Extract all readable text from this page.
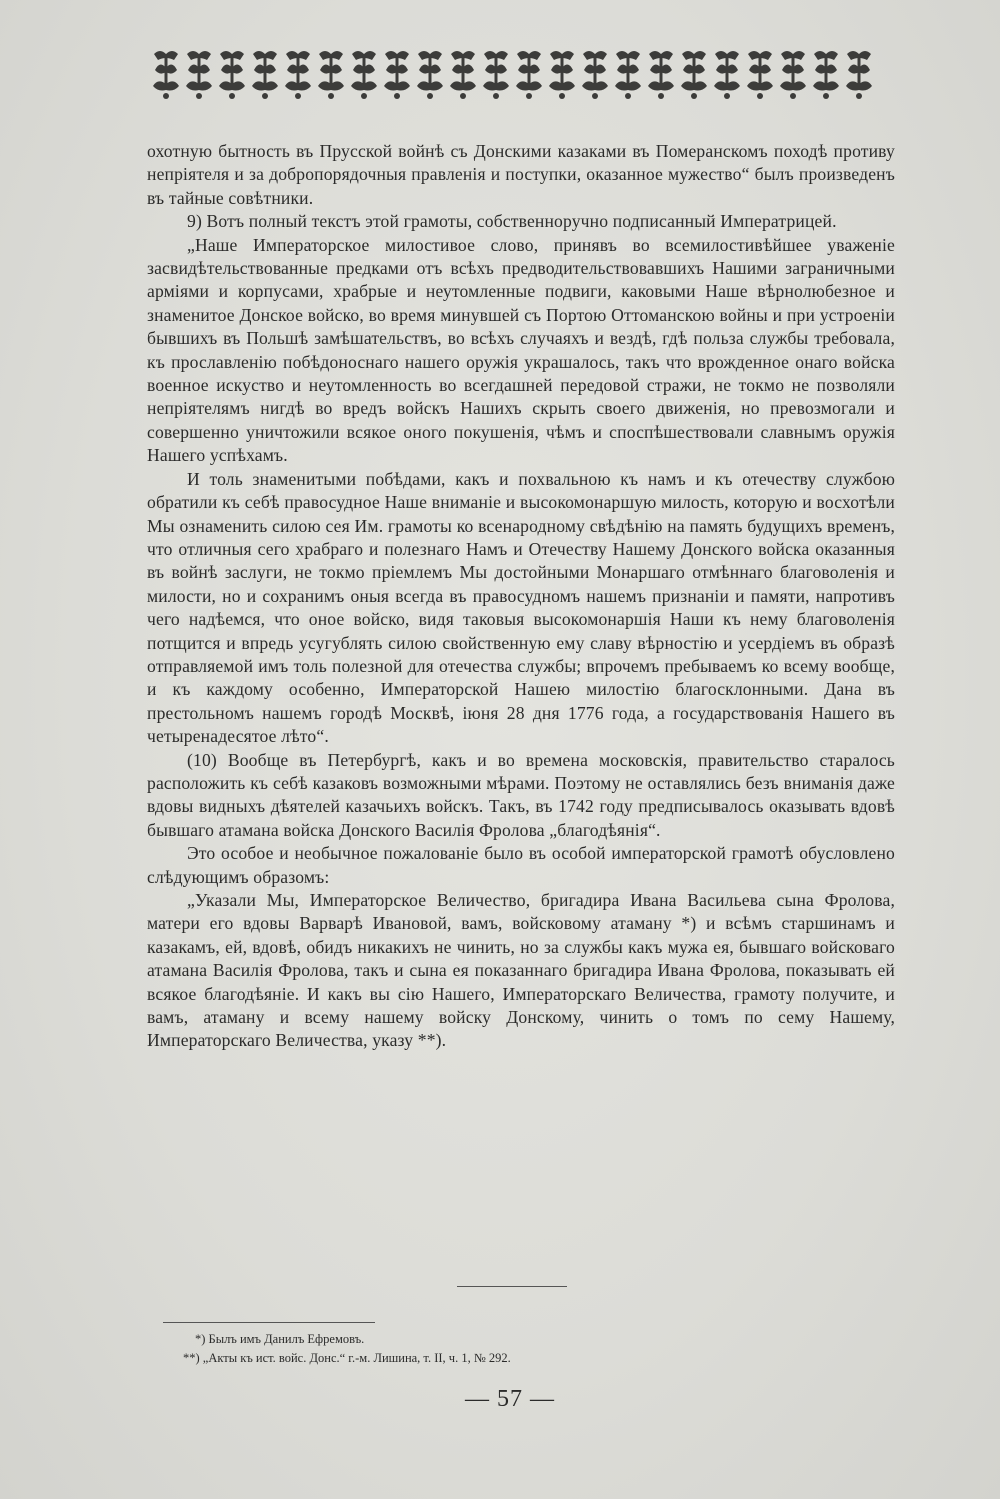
охотную бытность въ Прусской войнѣ съ Донскими казаками въ Померанскомъ походѣ противу непріятеля и за добропорядочныя правленія и поступки, оказанное мужество“ былъ произведенъ въ тайные совѣтники.

9) Вотъ полный текстъ этой грамоты, собственноручно подписанный Императрицей.

„Наше Императорское милостивое слово, принявъ во всемилостивѣйшее уваженіе засвидѣтельствованные предками отъ всѣхъ предводительствовавшихъ Нашими заграничными арміями и корпусами, храбрые и неутомленные подвиги, каковыми Наше вѣрнолюбезное и знаменитое Донское войско, во время минувшей съ Портою Оттоманскою войны и при устроеніи бывшихъ въ Польшѣ замѣшательствъ, во всѣхъ случаяхъ и вездѣ, гдѣ польза службы требовала, къ прославленію побѣдоноснаго нашего оружія украшалось, такъ что врожденное онаго войска военное искуство и неутомленность во всегдашней передовой стражи, не токмо не позволяли непріятелямъ нигдѣ во вредъ войскъ Нашихъ скрыть своего движенія, но превозмогали и совершенно уничтожили всякое оного покушенія, чѣмъ и споспѣшествовали славнымъ оружія Нашего успѣхамъ.

И толь знаменитыми побѣдами, какъ и похвальною къ намъ и къ отечеству службою обратили къ себѣ правосудное Наше вниманіе и высокомонаршую милость, которую и восхотѣли Мы ознаменить силою сея Им. грамоты ко всенародному свѣдѣнію на память будущихъ временъ, что отличныя сего храбраго и полезнаго Намъ и Отечеству Нашему Донского войска оказанныя въ войнѣ заслуги, не токмо пріемлемъ Мы достойными Монаршаго отмѣннаго благоволенія и милости, но и сохранимъ оныя всегда въ правосудномъ нашемъ признаніи и памяти, напротивъ чего надѣемся, что оное войско, видя таковыя высокомонаршія Наши къ нему благоволенія потщится и впредь усугублять силою свойственную ему славу вѣрностію и усердіемъ въ образѣ отправляемой имъ толь полезной для отечества службы; впрочемъ пребываемъ ко всему вообще, и къ каждому особенно, Императорской Нашею милостію благосклонными. Дана въ престольномъ нашемъ городѣ Москвѣ, іюня 28 дня 1776 года, а государствованія Нашего въ четыренадесятое лѣто“.

(10) Вообще въ Петербургѣ, какъ и во времена московскія, правительство старалось расположить къ себѣ казаковъ возможными мѣрами. Поэтому не оставлялись безъ вниманія даже вдовы видныхъ дѣятелей казачьихъ войскъ. Такъ, въ 1742 году предписывалось оказывать вдовѣ бывшаго атамана войска Донского Василія Фролова „благодѣянія“.

Это особое и необычное пожалованіе было въ особой императорской грамотѣ обусловлено слѣдующимъ образомъ:

„Указали Мы, Императорское Величество, бригадира Ивана Васильева сына Фролова, матери его вдовы Варварѣ Ивановой, вамъ, войсковому атаману *) и всѣмъ старшинамъ и казакамъ, ей, вдовѣ, обидъ никакихъ не чинить, но за службы какъ мужа ея, бывшаго войсковаго атамана Василія Фролова, такъ и сына ея показаннаго бригадира Ивана Фролова, показывать ей всякое благодѣяніе. И какъ вы сію Нашего, Императорскаго Величества, грамоту получите, и вамъ, атаману и всему нашему войску Донскому, чинить о томъ по сему Нашему, Императорскаго Величества, указу **).

*) Былъ имъ Данилъ Ефремовъ.
**) „Акты къ ист. войс. Донс.“ г.-м. Лишина, т. II, ч. 1, № 292.
— 57 —
